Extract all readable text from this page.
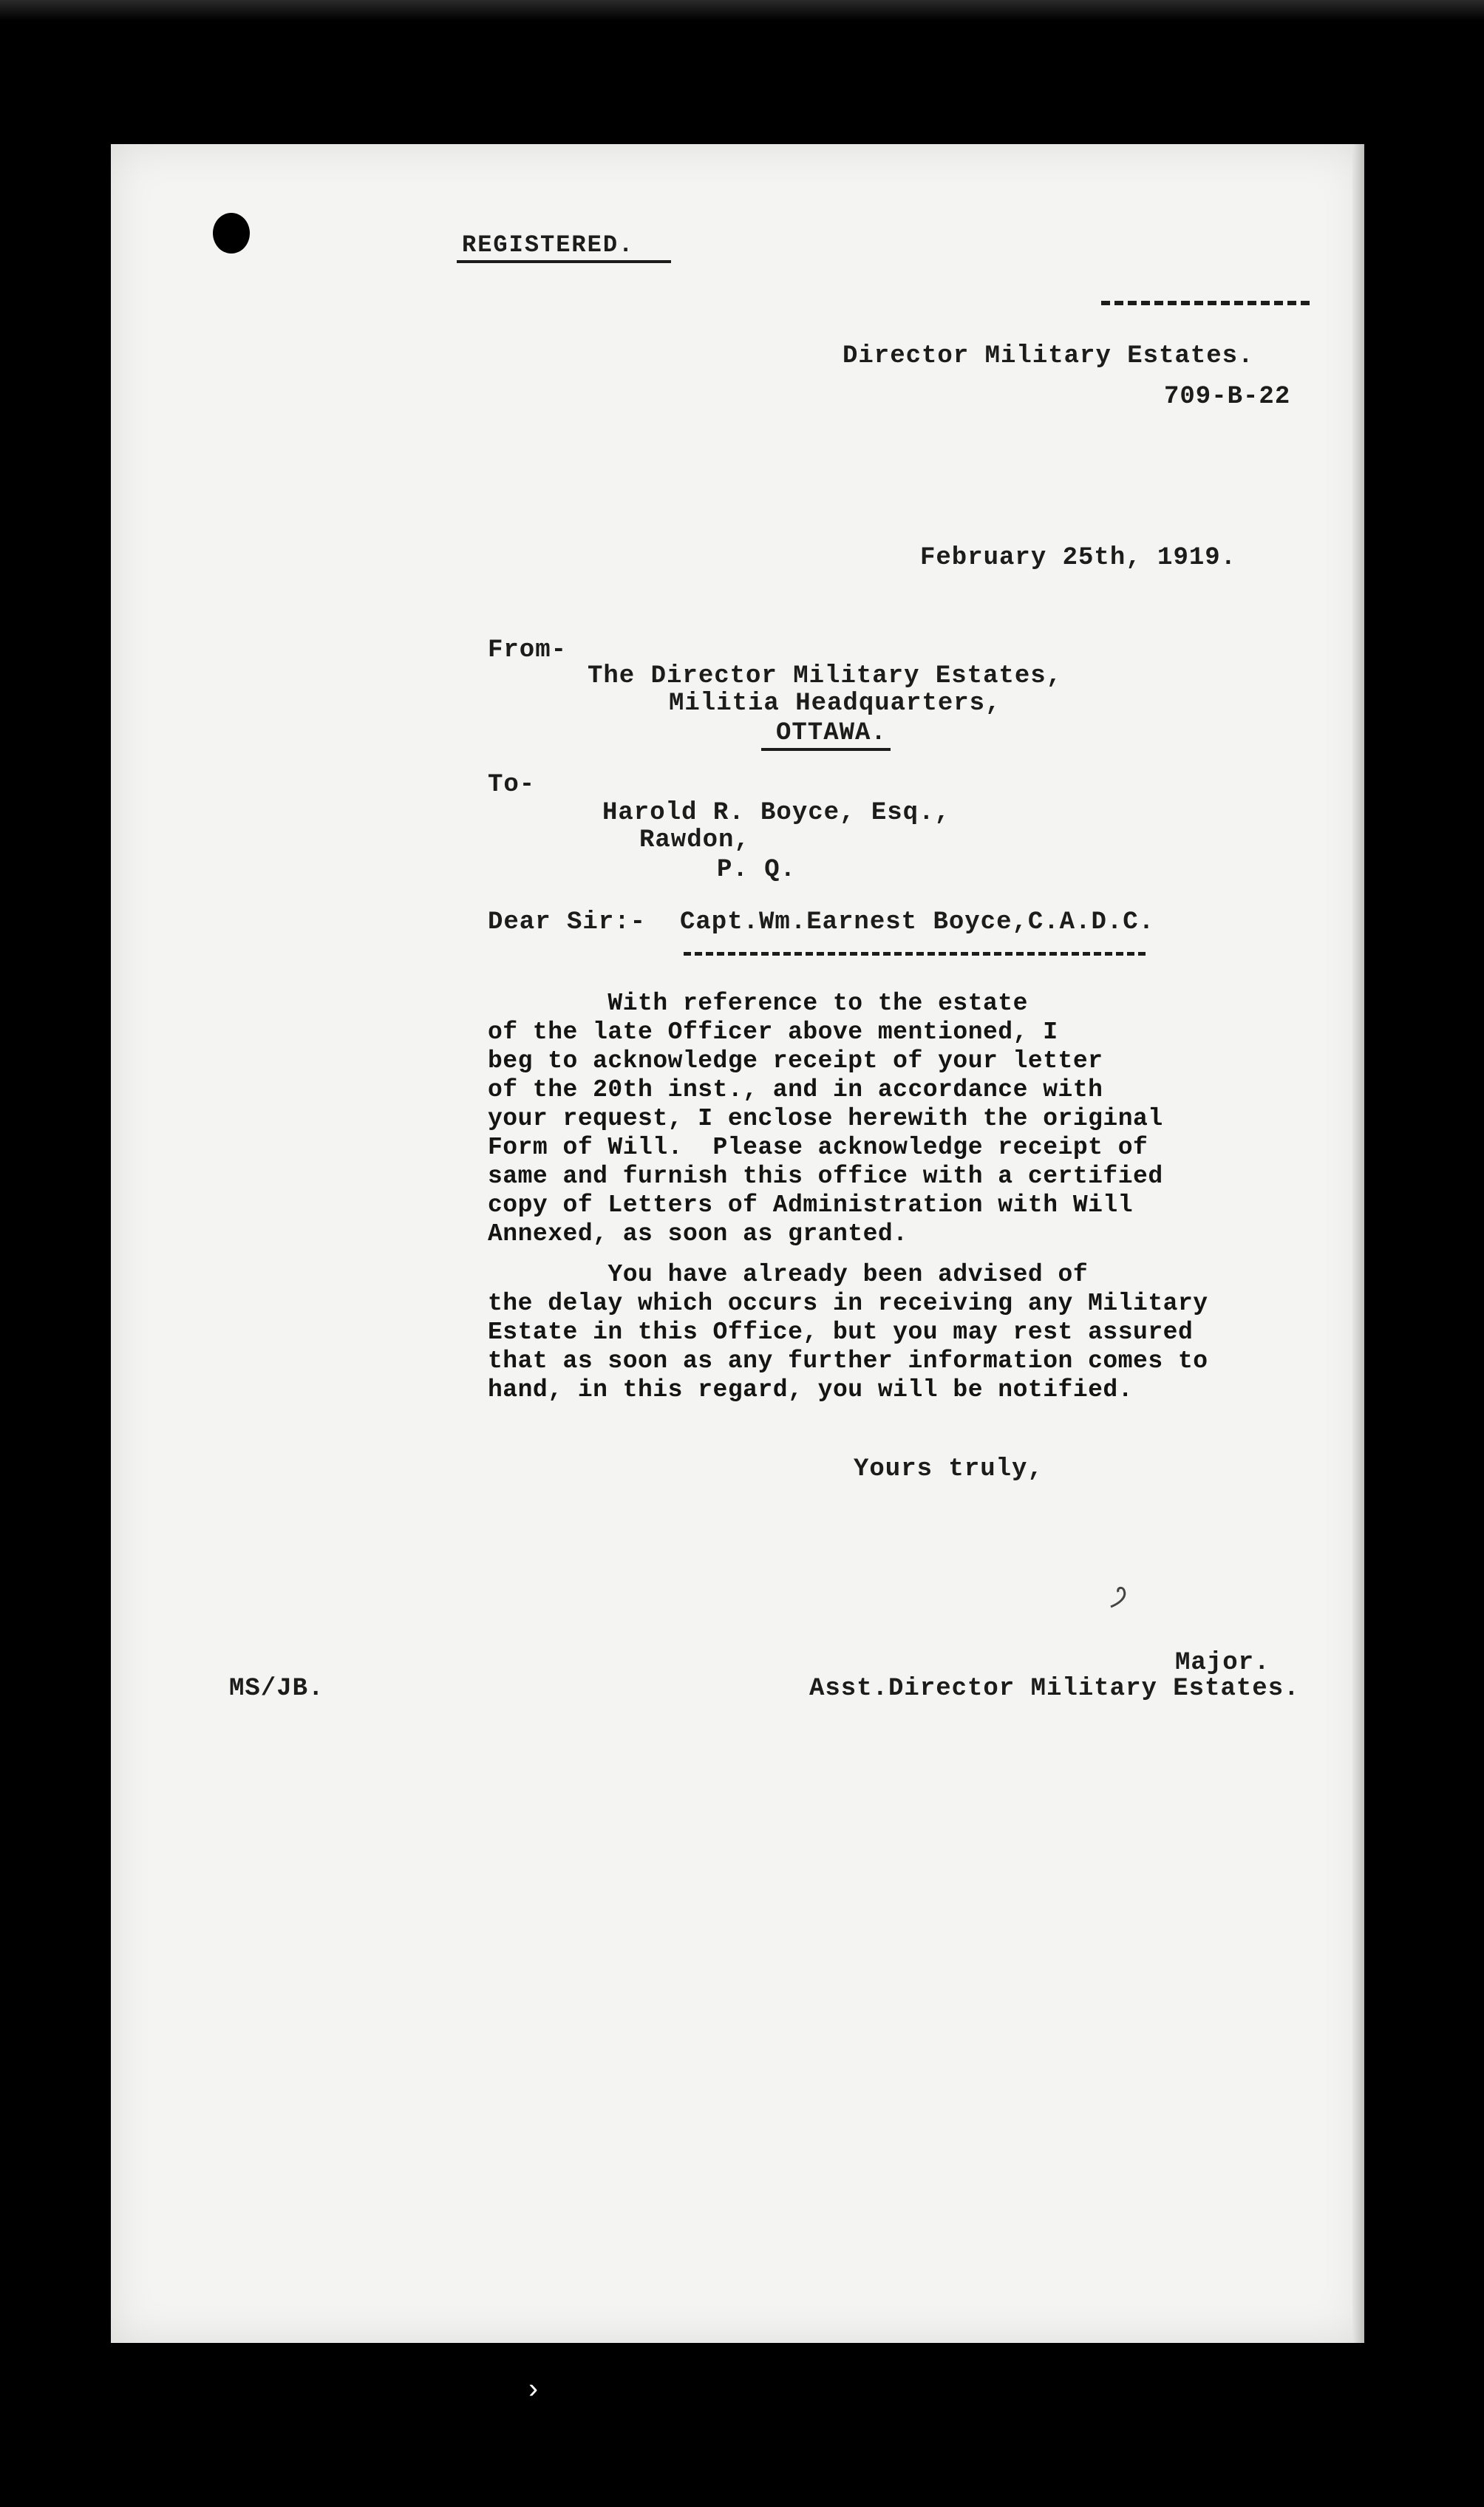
REGISTERED.
Director Military Estates.
709-B-22
February 25th, 1919.
From-
The Director Military Estates,
Militia Headquarters,
OTTAWA.
To-
Harold R. Boyce, Esq.,
Rawdon,
P. Q.
Dear Sir:- Capt.Wm.Earnest Boyce,C.A.D.C.
With reference to the estate
of the late Officer above mentioned, I
beg to acknowledge receipt of your letter
of the 20th inst., and in accordance with
your request, I enclose herewith the original
Form of Will.  Please acknowledge receipt of
same and furnish this office with a certified
copy of Letters of Administration with Will
Annexed, as soon as granted.
You have already been advised of
the delay which occurs in receiving any Military
Estate in this Office, but you may rest assured
that as soon as any further information comes to
hand, in this regard, you will be notified.
Yours truly,
Major.
Asst.Director Military Estates.
MS/JB.
›
